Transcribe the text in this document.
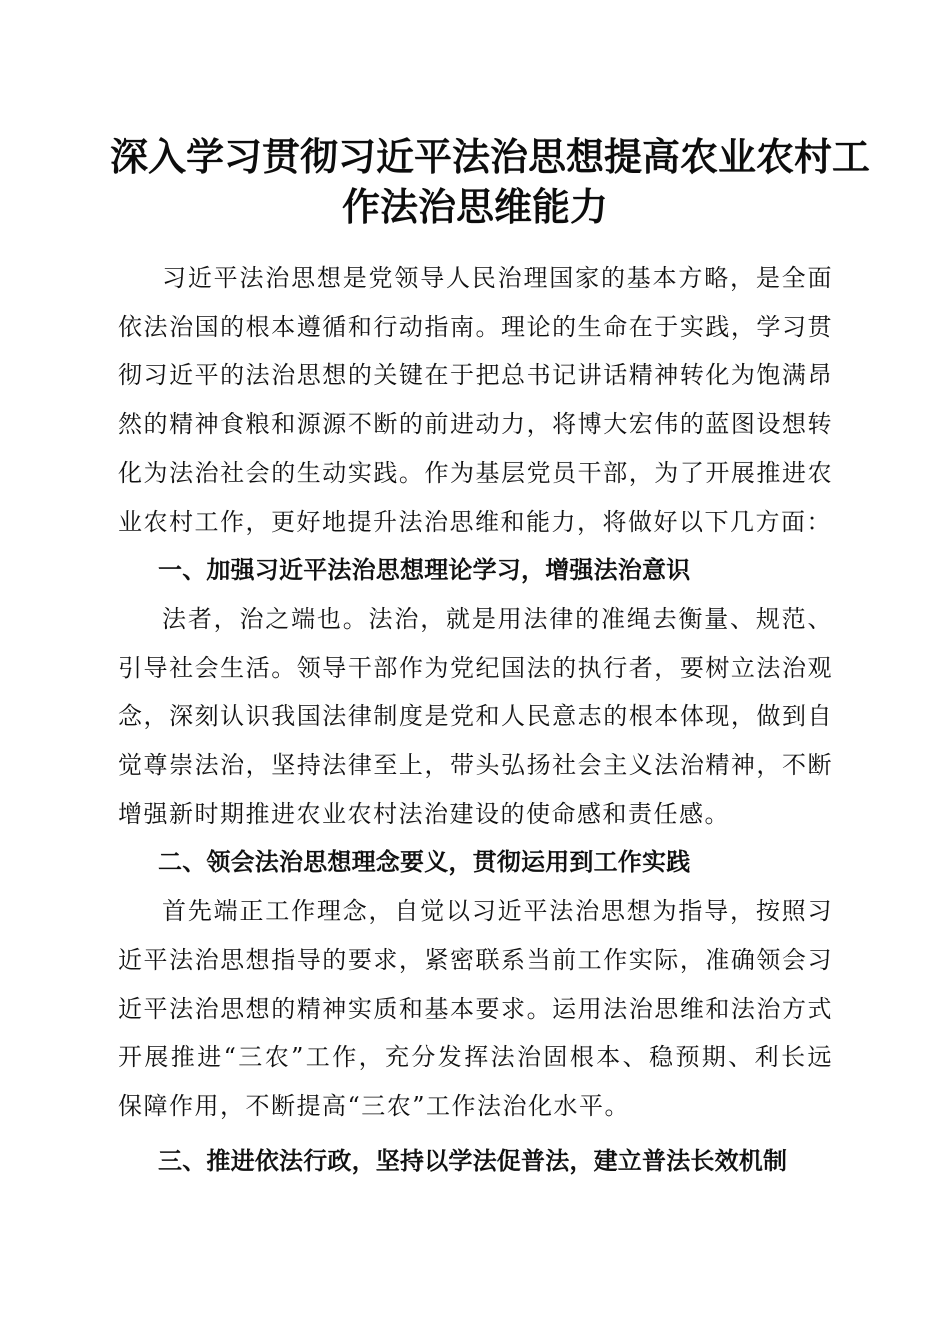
深入学习贯彻习近平法治思想提高农业农村工
作法治思维能力

习近平法治思想是党领导人民治理国家的基本方略，是全面依法治国的根本遵循和行动指南。理论的生命在于实践，学习贯彻习近平的法治思想的关键在于把总书记讲话精神转化为饱满昂然的精神食粮和源源不断的前进动力，将博大宏伟的蓝图设想转化为法治社会的生动实践。作为基层党员干部，为了开展推进农业农村工作，更好地提升法治思维和能力，将做好以下几方面：

一、加强习近平法治思想理论学习，增强法治意识

法者，治之端也。法治，就是用法律的准绳去衡量、规范、引导社会生活。领导干部作为党纪国法的执行者，要树立法治观念，深刻认识我国法律制度是党和人民意志的根本体现，做到自觉尊崇法治，坚持法律至上，带头弘扬社会主义法治精神，不断增强新时期推进农业农村法治建设的使命感和责任感。

二、领会法治思想理念要义，贯彻运用到工作实践

首先端正工作理念，自觉以习近平法治思想为指导，按照习近平法治思想指导的要求，紧密联系当前工作实际，准确领会习近平法治思想的精神实质和基本要求。运用法治思维和法治方式开展推进“三农”工作，充分发挥法治固根本、稳预期、利长远保障作用，不断提高“三农”工作法治化水平。

三、推进依法行政，坚持以学法促普法，建立普法长效机制
